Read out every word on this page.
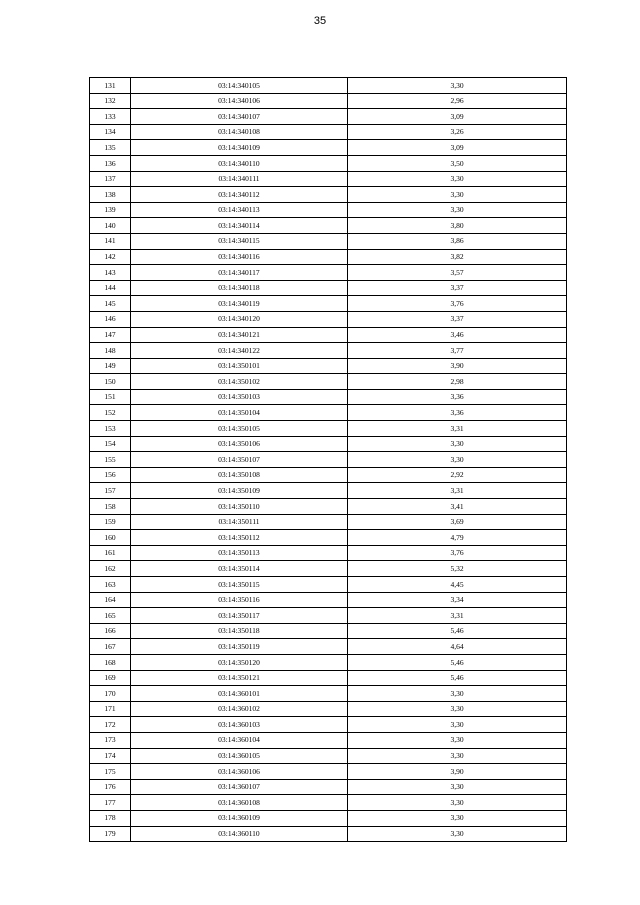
35
131	03:14:340105	3,30
132	03:14:340106	2,96
133	03:14:340107	3,09
134	03:14:340108	3,26
135	03:14:340109	3,09
136	03:14:340110	3,50
137	03:14:340111	3,30
138	03:14:340112	3,30
139	03:14:340113	3,30
140	03:14:340114	3,80
141	03:14:340115	3,86
142	03:14:340116	3,82
143	03:14:340117	3,57
144	03:14:340118	3,37
145	03:14:340119	3,76
146	03:14:340120	3,37
147	03:14:340121	3,46
148	03:14:340122	3,77
149	03:14:350101	3,90
150	03:14:350102	2,98
151	03:14:350103	3,36
152	03:14:350104	3,36
153	03:14:350105	3,31
154	03:14:350106	3,30
155	03:14:350107	3,30
156	03:14:350108	2,92
157	03:14:350109	3,31
158	03:14:350110	3,41
159	03:14:350111	3,69
160	03:14:350112	4,79
161	03:14:350113	3,76
162	03:14:350114	5,32
163	03:14:350115	4,45
164	03:14:350116	3,34
165	03:14:350117	3,31
166	03:14:350118	5,46
167	03:14:350119	4,64
168	03:14:350120	5,46
169	03:14:350121	5,46
170	03:14:360101	3,30
171	03:14:360102	3,30
172	03:14:360103	3,30
173	03:14:360104	3,30
174	03:14:360105	3,30
175	03:14:360106	3,90
176	03:14:360107	3,30
177	03:14:360108	3,30
178	03:14:360109	3,30
179	03:14:360110	3,30
